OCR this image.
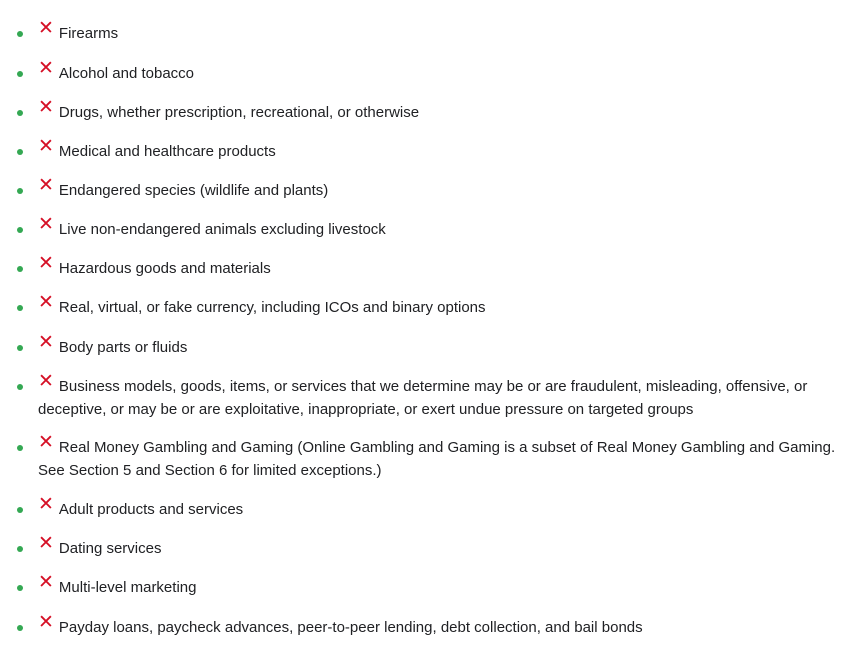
✕ Firearms
✕ Alcohol and tobacco
✕ Drugs, whether prescription, recreational, or otherwise
✕ Medical and healthcare products
✕ Endangered species (wildlife and plants)
✕ Live non-endangered animals excluding livestock
✕ Hazardous goods and materials
✕ Real, virtual, or fake currency, including ICOs and binary options
✕ Body parts or fluids
✕ Business models, goods, items, or services that we determine may be or are fraudulent, misleading, offensive, or deceptive, or may be or are exploitative, inappropriate, or exert undue pressure on targeted groups
✕ Real Money Gambling and Gaming (Online Gambling and Gaming is a subset of Real Money Gambling and Gaming. See Section 5 and Section 6 for limited exceptions.)
✕ Adult products and services
✕ Dating services
✕ Multi-level marketing
✕ Payday loans, paycheck advances, peer-to-peer lending, debt collection, and bail bonds
